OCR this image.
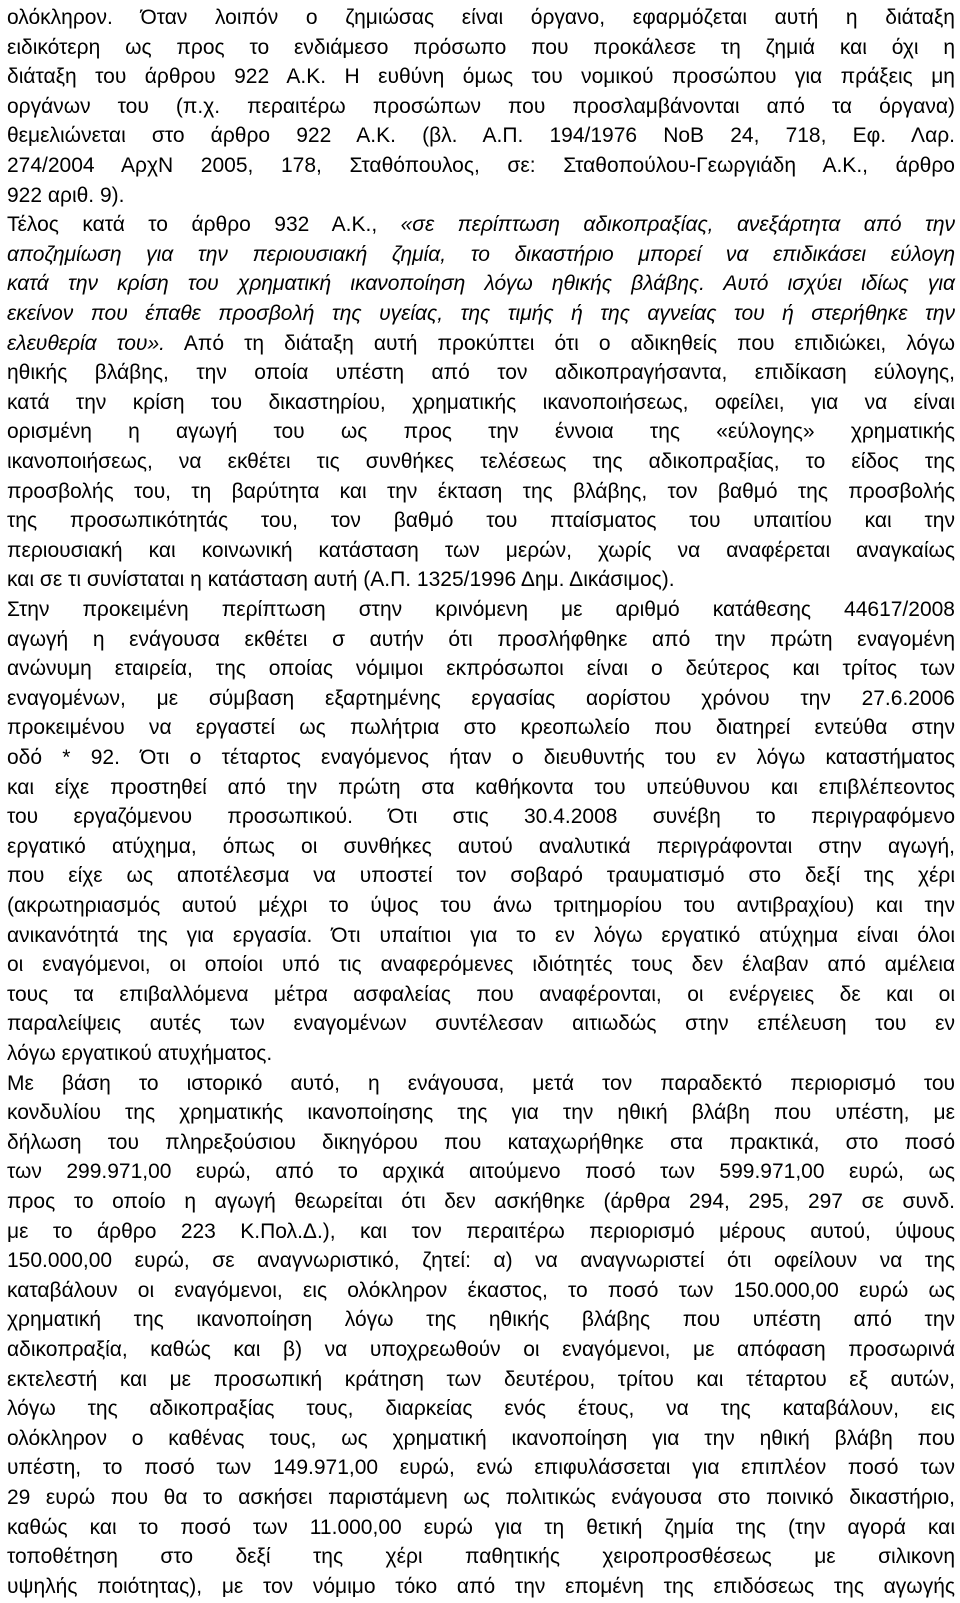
ολόκληρον. Όταν λοιπόν ο ζημιώσας είναι όργανο, εφαρμόζεται αυτή η διάταξη
ειδικότερη ως προς το ενδιάμεσο πρόσωπο που προκάλεσε τη ζημιά και όχι η
διάταξη του άρθρου 922 Α.Κ. Η ευθύνη όμως του νομικού προσώπου για πράξεις μη
οργάνων του (π.χ. περαιτέρω προσώπων που προσλαμβάνονται από τα όργανα)
θεμελιώνεται στο άρθρο 922 Α.Κ. (βλ. Α.Π. 194/1976 ΝοΒ 24, 718, Εφ. Λαρ.
274/2004 ΑρχΝ 2005, 178, Σταθόπουλος, σε: Σταθοπούλου-Γεωργιάδη Α.Κ., άρθρο
922 αριθ. 9).
Τέλος κατά το άρθρο 932 Α.Κ., «σε περίπτωση αδικοπραξίας, ανεξάρτητα από την
αποζημίωση για την περιουσιακή ζημία, το δικαστήριο μπορεί να επιδικάσει εύλογη
κατά την κρίση του χρηματική ικανοποίηση λόγω ηθικής βλάβης. Αυτό ισχύει ιδίως για
εκείνον που έπαθε προσβολή της υγείας, της τιμής ή της αγνείας του ή στερήθηκε την
ελευθερία του». Από τη διάταξη αυτή προκύπτει ότι ο αδικηθείς που επιδιώκει, λόγω
ηθικής βλάβης, την οποία υπέστη από τον αδικοπραγήσαντα, επιδίκαση εύλογης,
κατά την κρίση του δικαστηρίου, χρηματικής ικανοποιήσεως, οφείλει, για να είναι
ορισμένη η αγωγή του ως προς την έννοια της «εύλογης» χρηματικής
ικανοποιήσεως, να εκθέτει τις συνθήκες τελέσεως της αδικοπραξίας, το είδος της
προσβολής του, τη βαρύτητα και την έκταση της βλάβης, τον βαθμό της προσβολής
της προσωπικότητάς του, τον βαθμό του πταίσματος του υπαιτίου και την
περιουσιακή και κοινωνική κατάσταση των μερών, χωρίς να αναφέρεται αναγκαίως
και σε τι συνίσταται η κατάσταση αυτή (Α.Π. 1325/1996 Δημ. Δικάσιμος).
Στην προκειμένη περίπτωση στην κρινόμενη με αριθμό κατάθεσης 44617/2008
αγωγή η ενάγουσα εκθέτει σ αυτήν ότι προσλήφθηκε από την πρώτη εναγομένη
ανώνυμη εταιρεία, της οποίας νόμιμοι εκπρόσωποι είναι ο δεύτερος και τρίτος των
εναγομένων, με σύμβαση εξαρτημένης εργασίας αορίστου χρόνου την 27.6.2006
προκειμένου να εργαστεί ως πωλήτρια στο κρεοπωλείο που διατηρεί εντεύθα στην
οδό * 92. Ότι ο τέταρτος εναγόμενος ήταν ο διευθυντής του εν λόγω καταστήματος
και είχε προστηθεί από την πρώτη στα καθήκοντα του υπεύθυνου και επιβλέπεοντος
του εργαζόμενου προσωπικού. Ότι στις 30.4.2008 συνέβη το περιγραφόμενο
εργατικό ατύχημα, όπως οι συνθήκες αυτού αναλυτικά περιγράφονται στην αγωγή,
που είχε ως αποτέλεσμα να υποστεί τον σοβαρό τραυματισμό στο δεξί της χέρι
(ακρωτηριασμός αυτού μέχρι το ύψος του άνω τριτημορίου του αντιβραχίου) και την
ανικανότητά της για εργασία. Ότι υπαίτιοι για το εν λόγω εργατικό ατύχημα είναι όλοι
οι εναγόμενοι, οι οποίοι υπό τις αναφερόμενες ιδιότητές τους δεν έλαβαν από αμέλεια
τους τα επιβαλλόμενα μέτρα ασφαλείας που αναφέρονται, οι ενέργειες δε και οι
παραλείψεις αυτές των εναγομένων συντέλεσαν αιτιωδώς στην επέλευση του εν
λόγω εργατικού ατυχήματος.
Με βάση το ιστορικό αυτό, η ενάγουσα, μετά τον παραδεκτό περιορισμό του
κονδυλίου της χρηματικής ικανοποίησης της για την ηθική βλάβη που υπέστη, με
δήλωση του πληρεξούσιου δικηγόρου που καταχωρήθηκε στα πρακτικά, στο ποσό
των 299.971,00 ευρώ, από το αρχικά αιτούμενο ποσό των 599.971,00 ευρώ, ως
προς το οποίο η αγωγή θεωρείται ότι δεν ασκήθηκε (άρθρα 294, 295, 297 σε συνδ.
με το άρθρο 223 Κ.Πολ.Δ.), και τον περαιτέρω περιορισμό μέρους αυτού, ύψους
150.000,00 ευρώ, σε αναγνωριστικό, ζητεί: α) να αναγνωριστεί ότι οφείλουν να της
καταβάλουν οι εναγόμενοι, εις ολόκληρον έκαστος, το ποσό των 150.000,00 ευρώ ως
χρηματική της ικανοποίηση λόγω της ηθικής βλάβης που υπέστη από την
αδικοπραξία, καθώς και β) να υποχρεωθούν οι εναγόμενοι, με απόφαση προσωρινά
εκτελεστή και με προσωπική κράτηση των δευτέρου, τρίτου και τέταρτου εξ αυτών,
λόγω της αδικοπραξίας τους, διαρκείας ενός έτους, να της καταβάλουν, εις
ολόκληρον ο καθένας τους, ως χρηματική ικανοποίηση για την ηθική βλάβη που
υπέστη, το ποσό των 149.971,00 ευρώ, ενώ επιφυλάσσεται για επιπλέον ποσό των
29 ευρώ που θα το ασκήσει παριστάμενη ως πολιτικώς ενάγουσα στο ποινικό δικαστήριο,
καθώς και το ποσό των 11.000,00 ευρώ για τη θετική ζημία της (την αγορά και
τοποθέτηση στο δεξί της χέρι παθητικής χειροπροσθέσεως με σιλικονη
υψηλής ποιότητας), με τον νόμιμο τόκο από την επομένη της επιδόσεως της αγωγής
